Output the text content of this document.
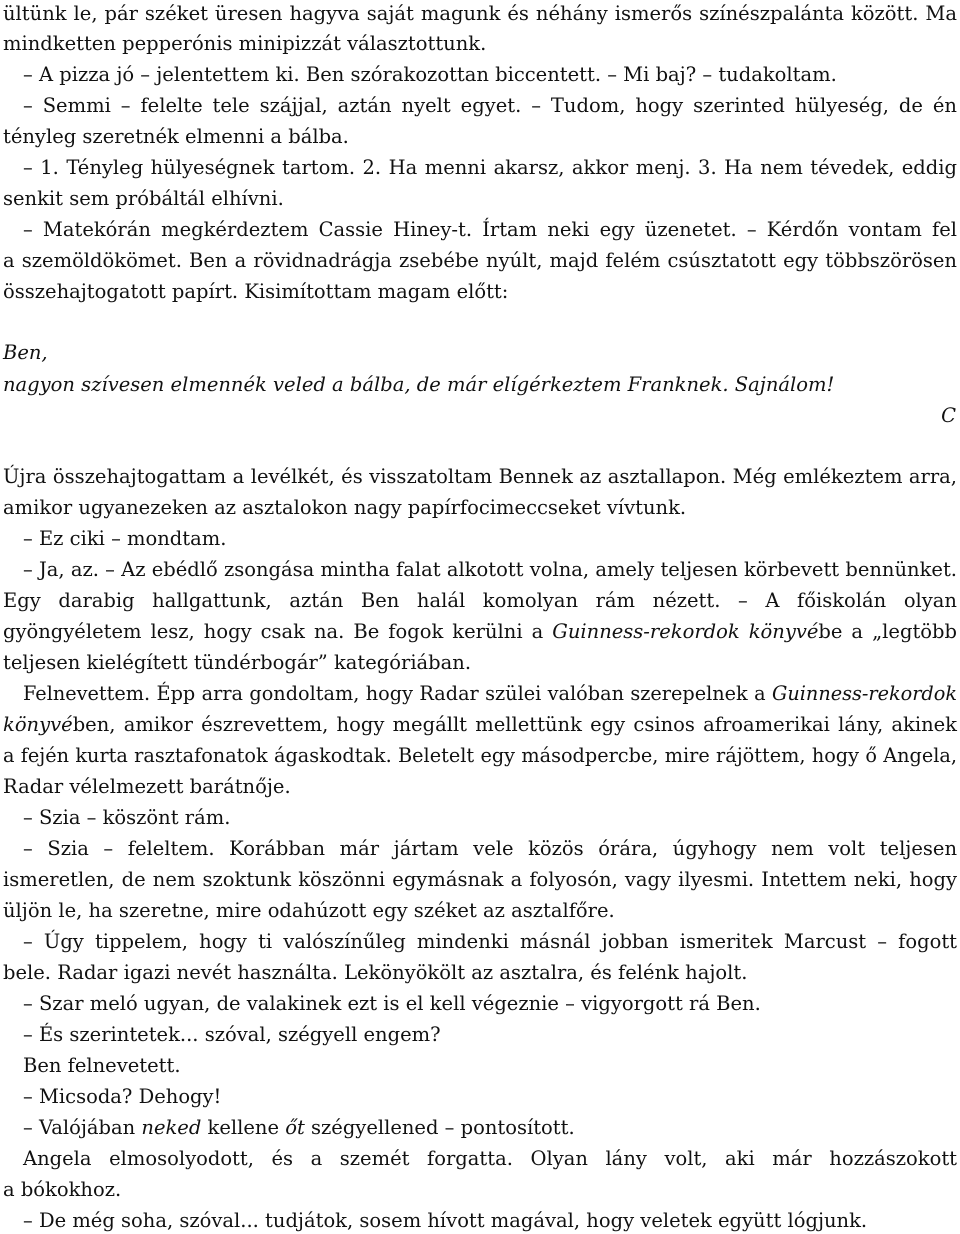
ültünk le, pár széket üresen hagyva saját magunk és néhány ismerős színészpalánta között. Ma
mindketten pepperónis minipizzát választottunk.
– A pizza jó – jelentettem ki. Ben szórakozottan biccentett. – Mi baj? – tudakoltam.
– Semmi – felelte tele szájjal, aztán nyelt egyet. – Tudom, hogy szerinted hülyeség, de én
tényleg szeretnék elmenni a bálba.
– 1. Tényleg hülyeségnek tartom. 2. Ha menni akarsz, akkor menj. 3. Ha nem tévedek, eddig
senkit sem próbáltál elhívni.
– Matekórán megkérdeztem Cassie Hiney-t. Írtam neki egy üzenetet. – Kérdőn vontam fel
a szemöldökömet. Ben a rövidnadrágja zsebébe nyúlt, majd felém csúsztatott egy többszörösen
összehajtogatott papírt. Kisimítottam magam előtt:
Ben,
nagyon szívesen elmennék veled a bálba, de már elígérkeztem Franknek. Sajnálom!
C
Újra összehajtogattam a levélkét, és visszatoltam Bennek az asztallapon. Még emlékeztem arra,
amikor ugyanezeken az asztalokon nagy papírfocimeccseket vívtunk.
– Ez ciki – mondtam.
– Ja, az. – Az ebédlő zsongása mintha falat alkotott volna, amely teljesen körbevett bennünket.
Egy darabig hallgattunk, aztán Ben halál komolyan rám nézett. – A főiskolán olyan
gyöngyéletem lesz, hogy csak na. Be fogok kerülni a Guinness-rekordok könyvébe a „legtöbb
teljesen kielégített tündérbogár” kategóriában.
Felnevettem. Épp arra gondoltam, hogy Radar szülei valóban szerepelnek a Guinness-rekordok
könyvében, amikor észrevettem, hogy megállt mellettünk egy csinos afroamerikai lány, akinek
a fején kurta rasztafonatok ágaskodtak. Beletelt egy másodpercbe, mire rájöttem, hogy ő Angela,
Radar vélelmezett barátnője.
– Szia – köszönt rám.
– Szia – feleltem. Korábban már jártam vele közös órára, úgyhogy nem volt teljesen
ismeretlen, de nem szoktunk köszönni egymásnak a folyosón, vagy ilyesmi. Intettem neki, hogy
üljön le, ha szeretne, mire odahúzott egy széket az asztalfőre.
– Úgy tippelem, hogy ti valószínűleg mindenki másnál jobban ismeritek Marcust – fogott
bele. Radar igazi nevét használta. Lekönyökölt az asztalra, és felénk hajolt.
– Szar meló ugyan, de valakinek ezt is el kell végeznie – vigyorgott rá Ben.
– És szerintetek... szóval, szégyell engem?
Ben felnevetett.
– Micsoda? Dehogy!
– Valójában neked kellene őt szégyellened – pontosított.
Angela elmosolyodott, és a szemét forgatta. Olyan lány volt, aki már hozzászokott
a bókokhoz.
– De még soha, szóval... tudjátok, sosem hívott magával, hogy veletek együtt lógjunk.
